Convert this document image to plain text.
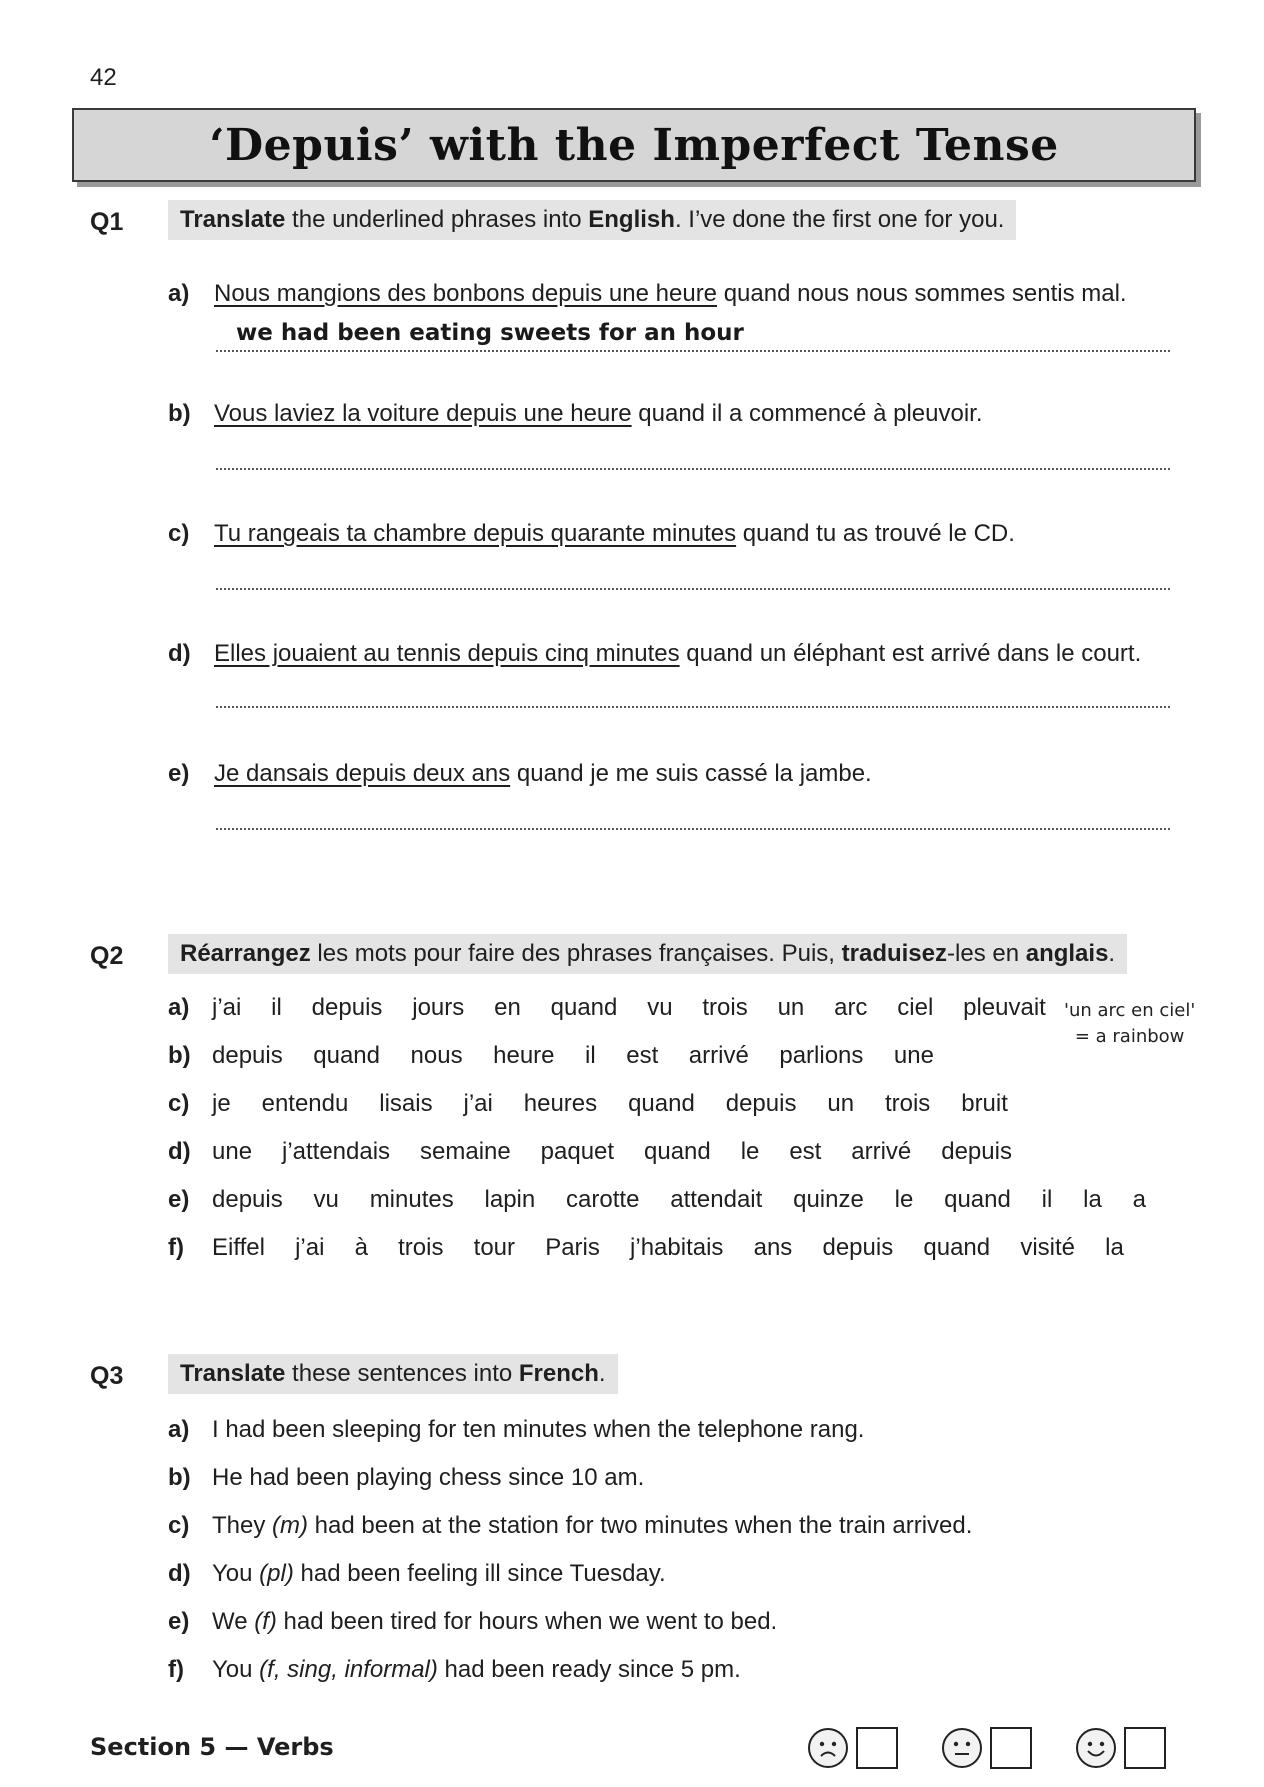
42
‘Depuis’ with the Imperfect Tense
Q1	Translate the underlined phrases into English. I’ve done the first one for you.
a) Nous mangions des bonbons depuis une heure quand nous nous sommes sentis mal.
we had been eating sweets for an hour
b) Vous laviez la voiture depuis une heure quand il a commencé à pleuvoir.
c) Tu rangeais ta chambre depuis quarante minutes quand tu as trouvé le CD.
d) Elles jouaient au tennis depuis cinq minutes quand un éléphant est arrivé dans le court.
e) Je dansais depuis deux ans quand je me suis cassé la jambe.
Q2	Réarrangez les mots pour faire des phrases françaises. Puis, traduisez-les en anglais.
'un arc en ciel'
= a rainbow
a) j’ai il depuis jours en quand vu trois un arc ciel pleuvait
b) depuis quand nous heure il est arrivé parlions une
c) je entendu lisais j’ai heures quand depuis un trois bruit
d) une j’attendais semaine paquet quand le est arrivé depuis
e) depuis vu minutes lapin carotte attendait quinze le quand il la a
f) Eiffel j’ai à trois tour Paris j’habitais ans depuis quand visité la
Q3	Translate these sentences into French.
a) I had been sleeping for ten minutes when the telephone rang.
b) He had been playing chess since 10 am.
c) They (m) had been at the station for two minutes when the train arrived.
d) You (pl) had been feeling ill since Tuesday.
e) We (f) had been tired for hours when we went to bed.
f) You (f, sing, informal) had been ready since 5 pm.
Section 5 — Verbs
